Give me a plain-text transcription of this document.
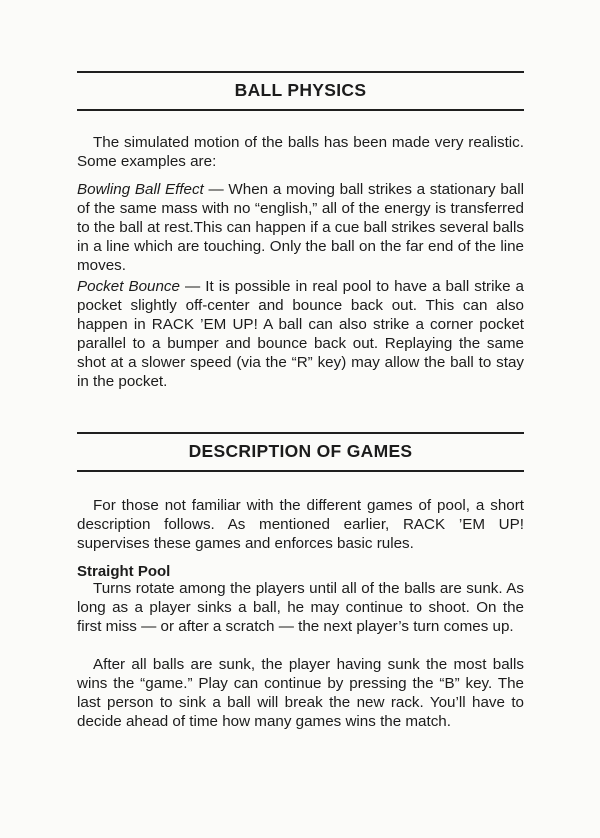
BALL PHYSICS

The simulated motion of the balls has been made very realistic. Some examples are:

Bowling Ball Effect — When a moving ball strikes a stationary ball of the same mass with no “english,” all of the energy is transferred to the ball at rest.This can happen if a cue ball strikes several balls in a line which are touching. Only the ball on the far end of the line moves.

Pocket Bounce — It is possible in real pool to have a ball strike a pocket slightly off-center and bounce back out. This can also happen in RACK ’EM UP! A ball can also strike a corner pocket parallel to a bumper and bounce back out. Replaying the same shot at a slower speed (via the “R” key) may allow the ball to stay in the pocket.

DESCRIPTION OF GAMES

For those not familiar with the different games of pool, a short description follows. As mentioned earlier, RACK ’EM UP! supervises these games and enforces basic rules.

Straight Pool

Turns rotate among the players until all of the balls are sunk. As long as a player sinks a ball, he may continue to shoot. On the first miss — or after a scratch — the next player’s turn comes up.

After all balls are sunk, the player having sunk the most balls wins the “game.” Play can continue by pressing the “B” key. The last person to sink a ball will break the new rack. You’ll have to decide ahead of time how many games wins the match.
